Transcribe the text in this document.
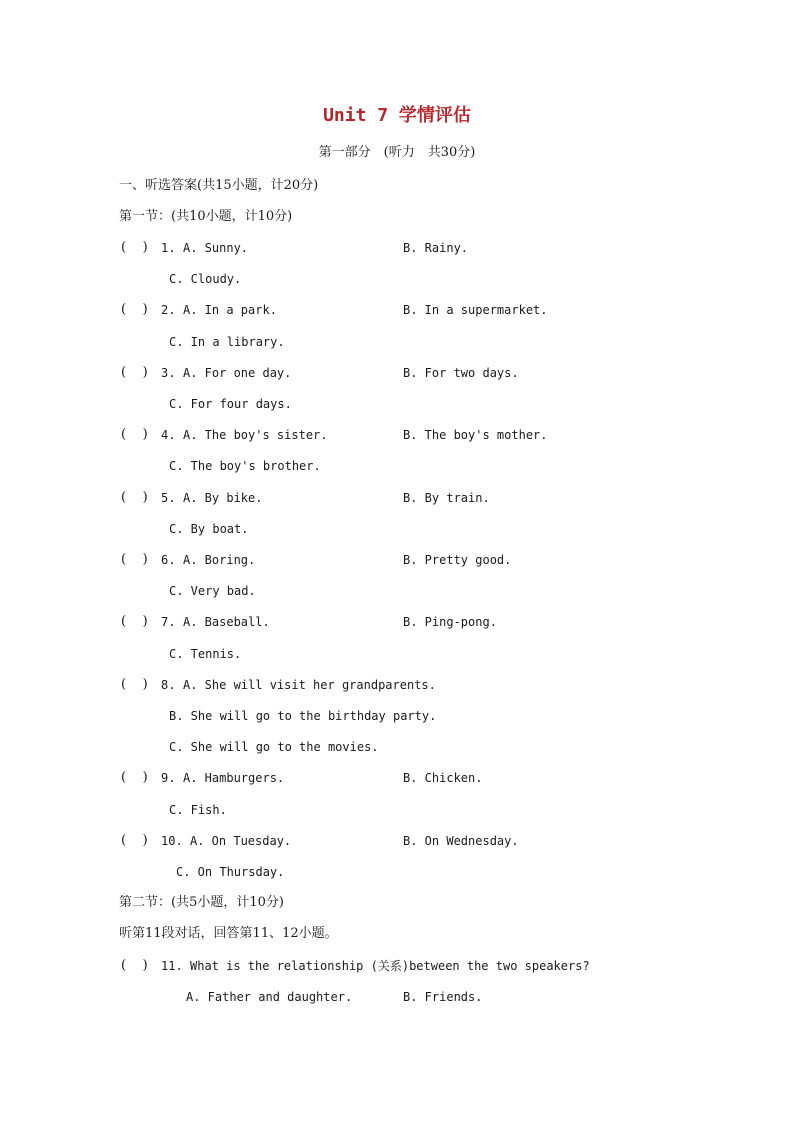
Unit 7 学情评估
第一部分　(听力　共30分)
一、听选答案(共15小题，计20分)
第一节：(共10小题，计10分)
(    )	1. A. Sunny.	B. Rainy.
C. Cloudy.
(    )	2. A. In a park.	B. In a supermarket.
C. In a library.
(    )	3. A. For one day.	B. For two days.
C. For four days.
(    )	4. A. The boy's sister.	B. The boy's mother.
C. The boy's brother.
(    )	5. A. By bike.	B. By train.
C. By boat.
(    )	6. A. Boring.	B. Pretty good.
C. Very bad.
(    )	7. A. Baseball.	B. Ping-pong.
C. Tennis.
(    )	8. A. She will visit her grandparents.
B. She will go to the birthday party.
C. She will go to the movies.
(    )	9. A. Hamburgers.	B. Chicken.
C. Fish.
(    )	10. A. On Tuesday.	B. On Wednesday.
C. On Thursday.
第二节：(共5小题，计10分)
听第11段对话，回答第11、12小题。
(    )	11. What is the relationship (关系)between the two speakers?
A. Father and daughter.	B. Friends.
